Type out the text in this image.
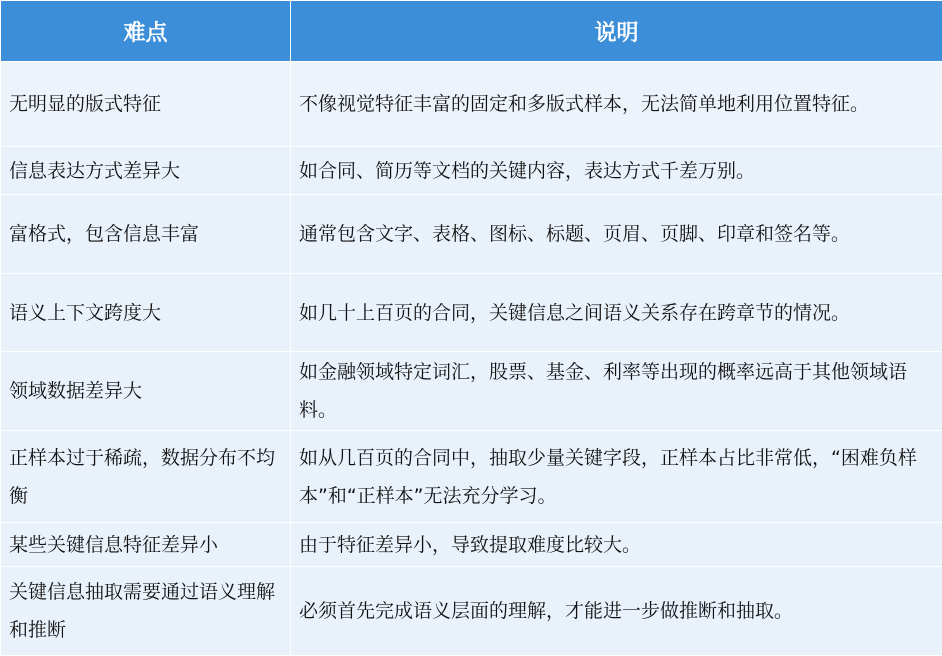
难点	说明
无明显的版式特征	不像视觉特征丰富的固定和多版式样本，无法简单地利用位置特征。
信息表达方式差异大	如合同、简历等文档的关键内容，表达方式千差万别。
富格式，包含信息丰富	通常包含文字、表格、图标、标题、页眉、页脚、印章和签名等。
语义上下文跨度大	如几十上百页的合同，关键信息之间语义关系存在跨章节的情况。
领域数据差异大	如金融领域特定词汇，股票、基金、利率等出现的概率远高于其他领域语料。
正样本过于稀疏，数据分布不均衡	如从几百页的合同中，抽取少量关键字段，正样本占比非常低，“困难负样本”和“正样本”无法充分学习。
某些关键信息特征差异小	由于特征差异小，导致提取难度比较大。
关键信息抽取需要通过语义理解和推断	必须首先完成语义层面的理解，才能进一步做推断和抽取。
